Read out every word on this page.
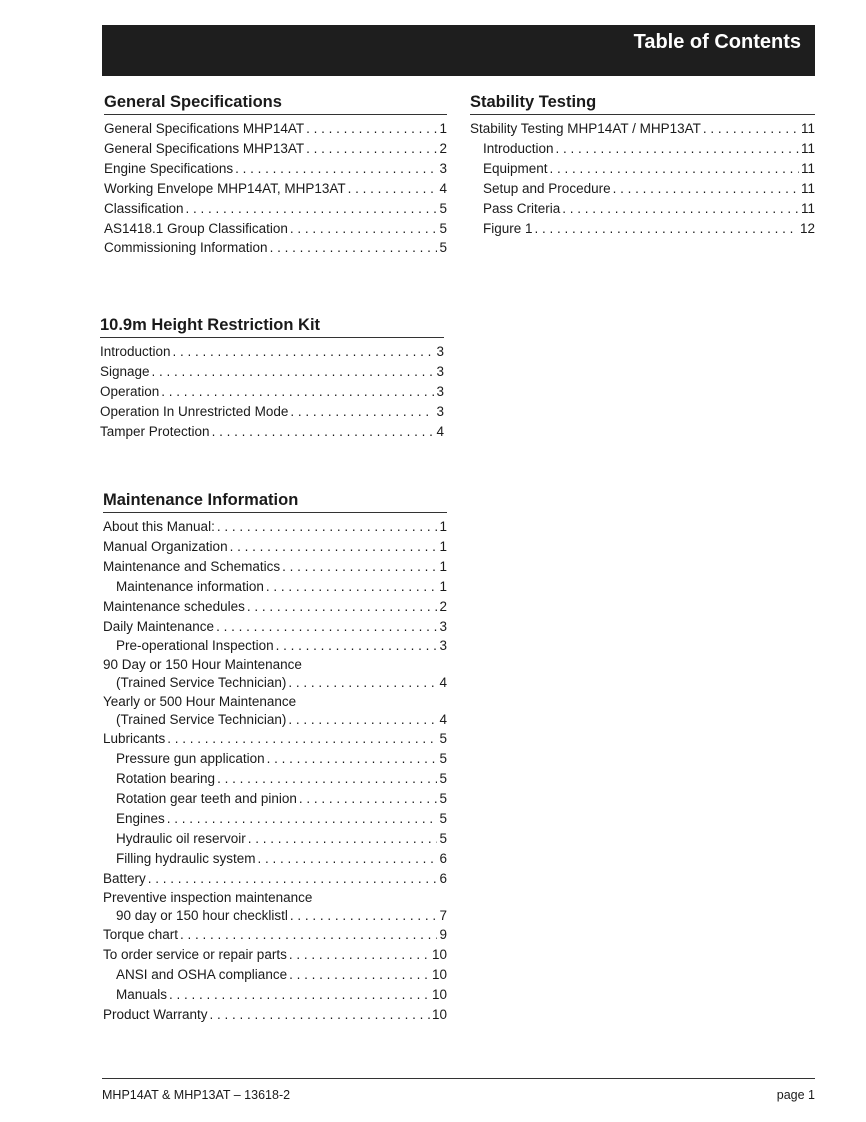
Table of Contents
General Specifications
General Specifications MHP14AT . . .	1
General Specifications MHP13AT . . .	2
Engine Specifications . . .	3
Working Envelope MHP14AT, MHP13AT . . .	4
Classification . . .	5
AS1418.1 Group Classification . . .	5
Commissioning Information . . .	5
Stability Testing
Stability Testing MHP14AT / MHP13AT . . .	11
Introduction . . .	11
Equipment . . .	11
Setup and Procedure . . .	11
Pass Criteria . . .	11
Figure 1 . . .	12
10.9m Height Restriction Kit
Introduction . . .	3
Signage . . .	3
Operation . . .	3
Operation In Unrestricted Mode . . .	3
Tamper Protection . . .	4
Maintenance Information
About this Manual: . . .	1
Manual Organization . . .	1
Maintenance and Schematics . . .	1
Maintenance information . . .	1
Maintenance schedules . . .	2
Daily Maintenance . . .	3
Pre-operational Inspection . . .	3
90 Day or 150 Hour Maintenance
(Trained Service Technician) . . .	4
Yearly or 500 Hour Maintenance
(Trained Service Technician) . . .	4
Lubricants . . .	5
Pressure gun application . . .	5
Rotation bearing . . .	5
Rotation gear teeth and pinion . . .	5
Engines . . .	5
Hydraulic oil reservoir . . .	5
Filling hydraulic system . . .	6
Battery . . .	6
Preventive inspection maintenance
90 day or 150 hour checklistl . . .	7
Torque chart . . .	9
To order service or repair parts . . .	10
ANSI and OSHA compliance . . .	10
Manuals . . .	10
Product Warranty . . .	10
MHP14AT & MHP13AT – 13618-2	page 1
